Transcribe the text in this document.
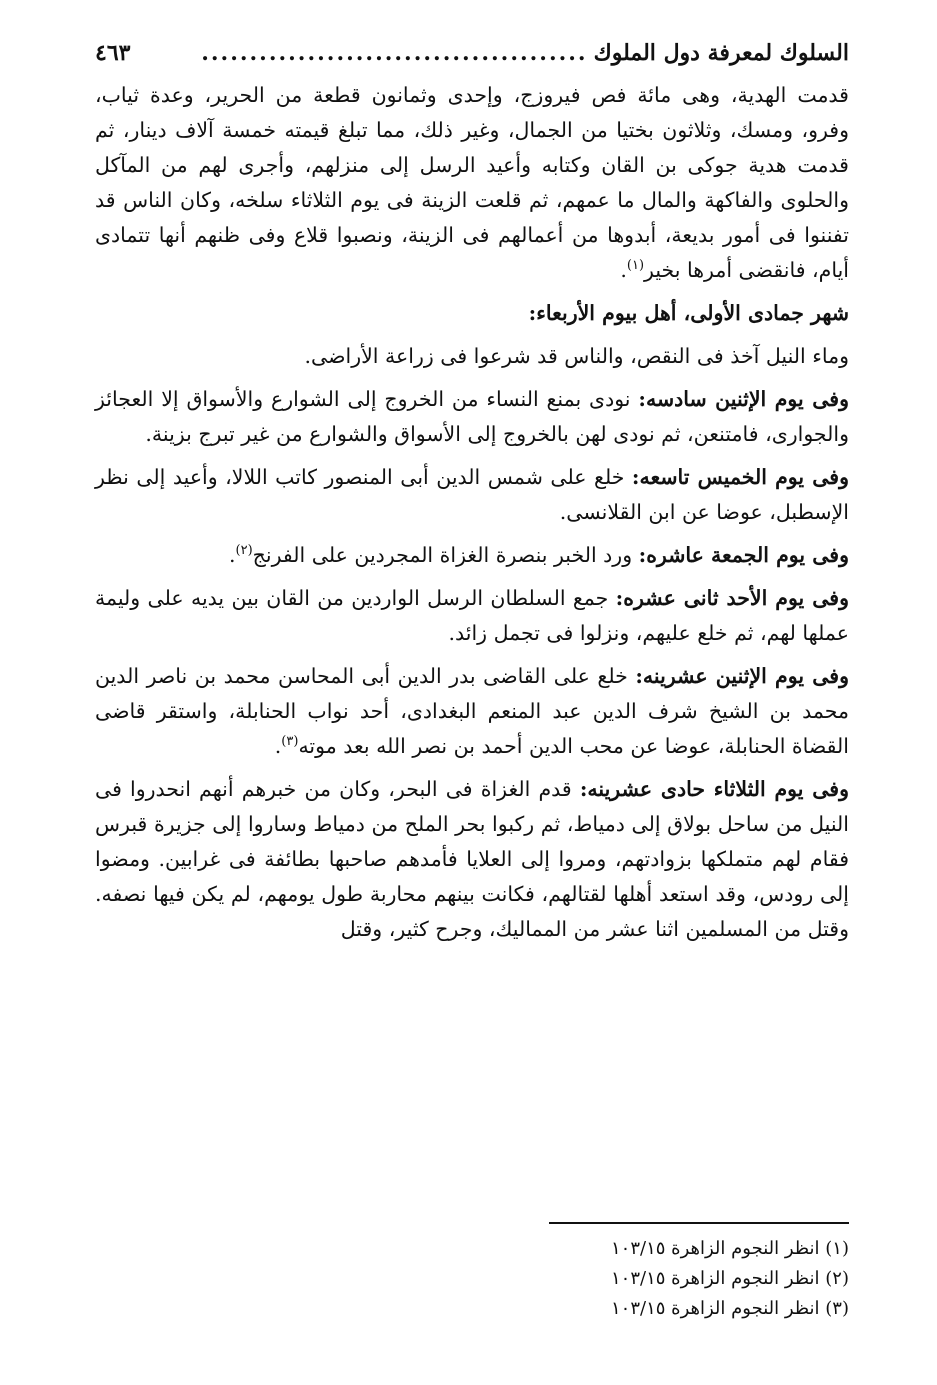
السلوك لمعرفة دول الملوك
........................................
٤٦٣

قدمت الهدية، وهى مائة فص فيروزج، وإحدى وثمانون قطعة من الحرير، وعدة ثياب، وفرو، ومسك، وثلاثون بختيا من الجمال، وغير ذلك، مما تبلغ قيمته خمسة آلاف دينار، ثم قدمت هدية جوكى بن القان وكتابه وأعيد الرسل إلى منزلهم، وأجرى لهم من المآكل والحلوى والفاكهة والمال ما عمهم، ثم قلعت الزينة فى يوم الثلاثاء سلخه، وكان الناس قد تفننوا فى أمور بديعة، أبدوها من أعمالهم فى الزينة، ونصبوا قلاع وفى ظنهم أنها تتمادى أيام، فانقضى أمرها بخير$^{(١)}$.

شهر جمادى الأولى، أهل بيوم الأربعاء:

وماء النيل آخذ فى النقص، والناس قد شرعوا فى زراعة الأراضى.

وفى يوم الإثنين سادسه: نودى بمنع النساء من الخروج إلى الشوارع والأسواق إلا العجائز والجوارى، فامتنعن، ثم نودى لهن بالخروج إلى الأسواق والشوارع من غير تبرج بزينة.

وفى يوم الخميس تاسعه: خلع على شمس الدين أبى المنصور كاتب اللالا، وأعيد إلى نظر الإسطبل، عوضا عن ابن القلانسى.

وفى يوم الجمعة عاشره: ورد الخبر بنصرة الغزاة المجردين على الفرنج$^{(٢)}$.

وفى يوم الأحد ثانى عشره: جمع السلطان الرسل الواردين من القان بين يديه على وليمة عملها لهم، ثم خلع عليهم، ونزلوا فى تجمل زائد.

وفى يوم الإثنين عشرينه: خلع على القاضى بدر الدين أبى المحاسن محمد بن ناصر الدين محمد بن الشيخ شرف الدين عبد المنعم البغدادى، أحد نواب الحنابلة، واستقر قاضى القضاة الحنابلة، عوضا عن محب الدين أحمد بن نصر الله بعد موته$^{(٣)}$.

وفى يوم الثلاثاء حادى عشرينه: قدم الغزاة فى البحر، وكان من خبرهم أنهم انحدروا فى النيل من ساحل بولاق إلى دمياط، ثم ركبوا بحر الملح من دمياط وساروا إلى جزيرة قبرس فقام لهم متملكها بزوادتهم، ومروا إلى العلايا فأمدهم صاحبها بطائفة فى غرابين. ومضوا إلى رودس، وقد استعد أهلها لقتالهم، فكانت بينهم محاربة طول يومهم، لم يكن فيها نصفه. وقتل من المسلمين اثنا عشر من المماليك، وجرح كثير، وقتل

(١) انظر النجوم الزاهرة ١٠٣/١٥
(٢) انظر النجوم الزاهرة ١٠٣/١٥
(٣) انظر النجوم الزاهرة ١٠٣/١٥
